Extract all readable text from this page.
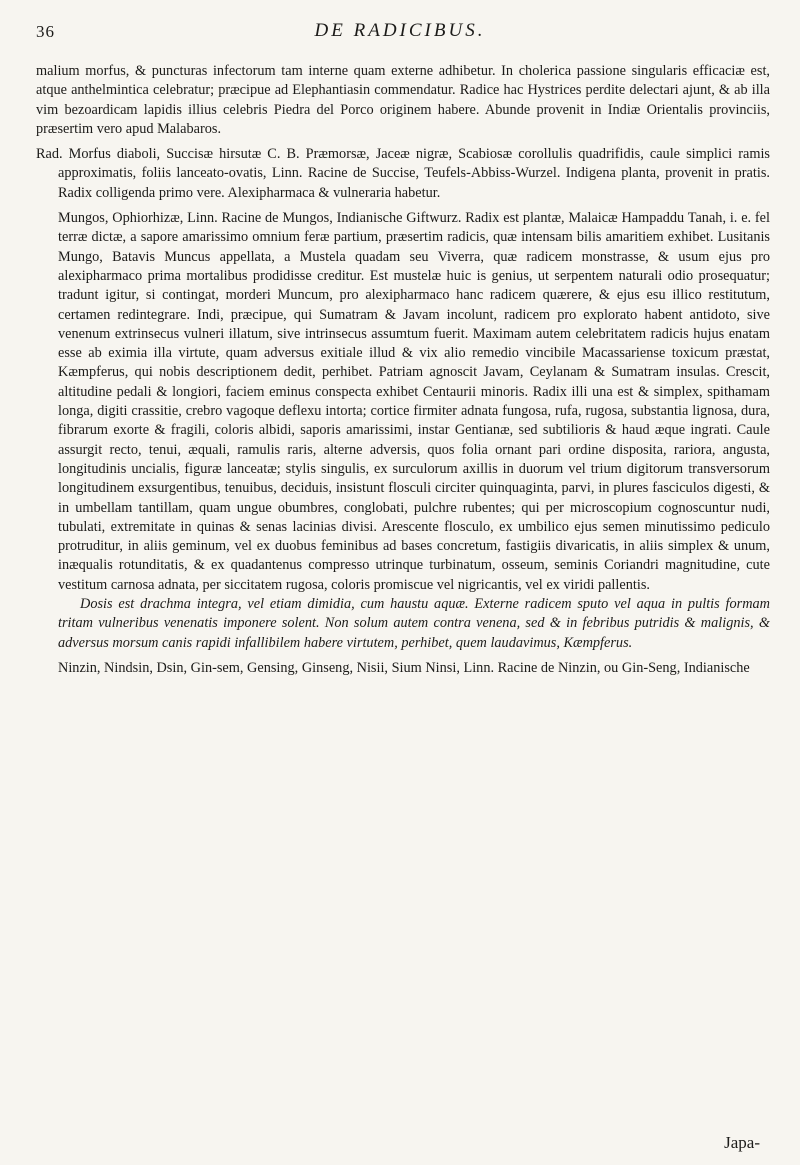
36	DE RADICIBUS.

malium morfus, & puncturas infectorum tam interne quam externe adhibetur. In cholerica passione singularis efficaciæ est, atque anthelmintica celebratur; præcipue ad Elephantiasin commendatur. Radice hac Hystrices perdite delectari ajunt, & ab illa vim bezoardicam lapidis illius celebris Piedra del Porco originem habere. Abunde provenit in Indiæ Orientalis provinciis, præsertim vero apud Malabaros.

Rad. Morfus diaboli, Succisæ hirsutæ C. B. Præmorsæ, Jaceæ nigræ, Scabiosæ corollulis quadrifidis, caule simplici ramis approximatis, foliis lanceato-ovatis, Linn. Racine de Succise, Teufels-Abbiss-Wurzel. Indigena planta, provenit in pratis. Radix colligenda primo vere. Alexipharmaca & vulneraria habetur.

Mungos, Ophiorhizæ, Linn. Racine de Mungos, Indianische Giftwurz. Radix est plantæ, Malaicæ Hampaddu Tanah, i. e. fel terræ dictæ, a sapore amarissimo omnium feræ partium, præsertim radicis, quæ intensam bilis amaritiem exhibet. Lusitanis Mungo, Batavis Muncus appellata, a Mustela quadam seu Viverra, quæ radicem monstrasse, & usum ejus pro alexipharmaco prima mortalibus prodidisse creditur. Est mustelæ huic is genius, ut serpentem naturali odio prosequatur; tradunt igitur, si contingat, morderi Muncum, pro alexipharmaco hanc radicem quærere, & ejus esu illico restitutum, certamen redintegrare. Indi, præcipue, qui Sumatram & Javam incolunt, radicem pro explorato habent antidoto, sive venenum extrinsecus vulneri illatum, sive intrinsecus assumtum fuerit. Maximam autem celebritatem radicis hujus enatam esse ab eximia illa virtute, quam adversus exitiale illud & vix alio remedio vincibile Macassariense toxicum præstat, Kæmpferus, qui nobis descriptionem dedit, perhibet. Patriam agnoscit Javam, Ceylanam & Sumatram insulas. Crescit, altitudine pedali & longiori, faciem eminus conspecta exhibet Centaurii minoris. Radix illi una est & simplex, spithamam longa, digiti crassitie, crebro vagoque deflexu intorta; cortice firmiter adnata fungosa, rufa, rugosa, substantia lignosa, dura, fibrarum exorte & fragili, coloris albidi, saporis amarissimi, instar Gentianæ, sed subtilioris & haud æque ingrati. Caule assurgit recto, tenui, æquali, ramulis raris, alterne adversis, quos folia ornant pari ordine disposita, rariora, angusta, longitudinis uncialis, figuræ lanceatæ; stylis singulis, ex surculorum axillis in duorum vel trium digitorum transversorum longitudinem exsurgentibus, tenuibus, deciduis, insistunt flosculi circiter quinquaginta, parvi, in plures fasciculos digesti, & in umbellam tantillam, quam ungue obumbres, conglobati, pulchre rubentes; qui per microscopium cognoscuntur nudi, tubulati, extremitate in quinas & senas lacinias divisi. Arescente flosculo, ex umbilico ejus semen minutissimo pediculo protruditur, in aliis geminum, vel ex duobus feminibus ad bases concretum, fastigiis divaricatis, in aliis simplex & unum, inæqualis rotunditatis, & ex quadantenus compresso utrinque turbinatum, osseum, seminis Coriandri magnitudine, cute vestitum carnosa adnata, per siccitatem rugosa, coloris promiscue vel nigricantis, vel ex viridi pallentis.

Dosis est drachma integra, vel etiam dimidia, cum haustu aquæ. Externe radicem sputo vel aqua in pultis formam tritam vulneribus venenatis imponere solent. Non solum autem contra venena, sed & in febribus putridis & malignis, & adversus morsum canis rapidi infallibilem habere virtutem, perhibet, quem laudavimus, Kæmpferus.

Ninzin, Nindsin, Dsin, Gin-sem, Gensing, Ginseng, Nisii, Sium Ninsi, Linn. Racine de Ninzin, ou Gin-Seng, Indianische

Japa-
